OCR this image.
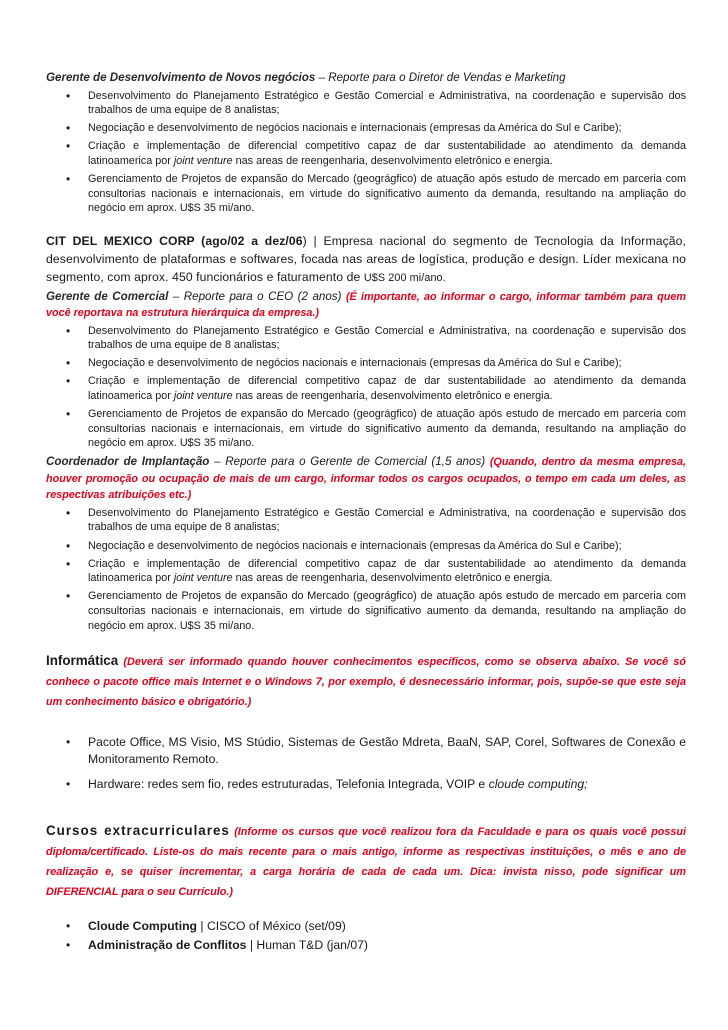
Gerente de Desenvolvimento de Novos negócios – Reporte para o Diretor de Vendas e Marketing
• Desenvolvimento do Planejamento Estratégico e Gestão Comercial e Administrativa, na coordenação e supervisão dos trabalhos de uma equipe de 8 analistas;
• Negociação e desenvolvimento de negócios nacionais e internacionais (empresas da América do Sul e Caribe);
• Criação e implementação de diferencial competitivo capaz de dar sustentabilidade ao atendimento da demanda latinoamerica por joint venture nas areas de reengenharia, desenvolvimento eletrônico e energia.
• Gerenciamento de Projetos de expansão do Mercado (geográgfico) de atuação após estudo de mercado em parceria com consultorias nacionais e internacionais, em virtude do significativo aumento da demanda, resultando na ampliação do negócio em aprox. U$S 35 mi/ano.
CIT DEL MEXICO CORP (ago/02 a dez/06) | Empresa nacional do segmento de Tecnologia da Informação, desenvolvimento de plataformas e softwares, focada nas areas de logística, produção e design. Líder mexicana no segmento, com aprox. 450 funcionários e faturamento de U$S 200 mi/ano.
Gerente de Comercial – Reporte para o CEO (2 anos) (É importante, ao informar o cargo, informar também para quem você reportava na estrutura hierárquica da empresa.)
• Desenvolvimento do Planejamento Estratégico e Gestão Comercial e Administrativa, na coordenação e supervisão dos trabalhos de uma equipe de 8 analistas;
• Negociação e desenvolvimento de negócios nacionais e internacionais (empresas da América do Sul e Caribe);
• Criação e implementação de diferencial competitivo capaz de dar sustentabilidade ao atendimento da demanda latinoamerica por joint venture nas areas de reengenharia, desenvolvimento eletrônico e energia.
• Gerenciamento de Projetos de expansão do Mercado (geográgfico) de atuação após estudo de mercado em parceria com consultorias nacionais e internacionais, em virtude do significativo aumento da demanda, resultando na ampliação do negócio em aprox. U$S 35 mi/ano.
Coordenador de Implantação – Reporte para o Gerente de Comercial (1,5 anos) (Quando, dentro da mesma empresa, houver promoção ou ocupação de mais de um cargo, informar todos os cargos ocupados, o tempo em cada um deles, as respectivas atribuições etc.)
• Desenvolvimento do Planejamento Estratégico e Gestão Comercial e Administrativa, na coordenação e supervisão dos trabalhos de uma equipe de 8 analistas;
• Negociação e desenvolvimento de negócios nacionais e internacionais (empresas da América do Sul e Caribe);
• Criação e implementação de diferencial competitivo capaz de dar sustentabilidade ao atendimento da demanda latinoamerica por joint venture nas areas de reengenharia, desenvolvimento eletrônico e energia.
• Gerenciamento de Projetos de expansão do Mercado (geográgfico) de atuação após estudo de mercado em parceria com consultorias nacionais e internacionais, em virtude do significativo aumento da demanda, resultando na ampliação do negócio em aprox. U$S 35 mi/ano.
Informática (Deverá ser informado quando houver conhecimentos específicos, como se observa abaixo. Se você só conhece o pacote office mais Internet e o Windows 7, por exemplo, é desnecessário informar, pois, supõe-se que este seja um conhecimento básico e obrigatório.)
• Pacote Office, MS Visio, MS Stúdio, Sistemas de Gestão Mdreta, BaaN, SAP, Corel, Softwares de Conexão e Monitoramento Remoto.
• Hardware: redes sem fio, redes estruturadas, Telefonia Integrada, VOIP e cloude computing;
Cursos extracurriculares (Informe os cursos que você realizou fora da Faculdade e para os quais você possui diploma/certificado. Liste-os do mais recente para o mais antigo, informe as respectivas instituições, o mês e ano de realização e, se quiser incrementar, a carga horária de cada de cada um. Dica: invista nisso, pode significar um DIFERENCIAL para o seu Currículo.)
• Cloude Computing | CISCO of México (set/09)
• Administração de Conflitos | Human T&D (jan/07)
